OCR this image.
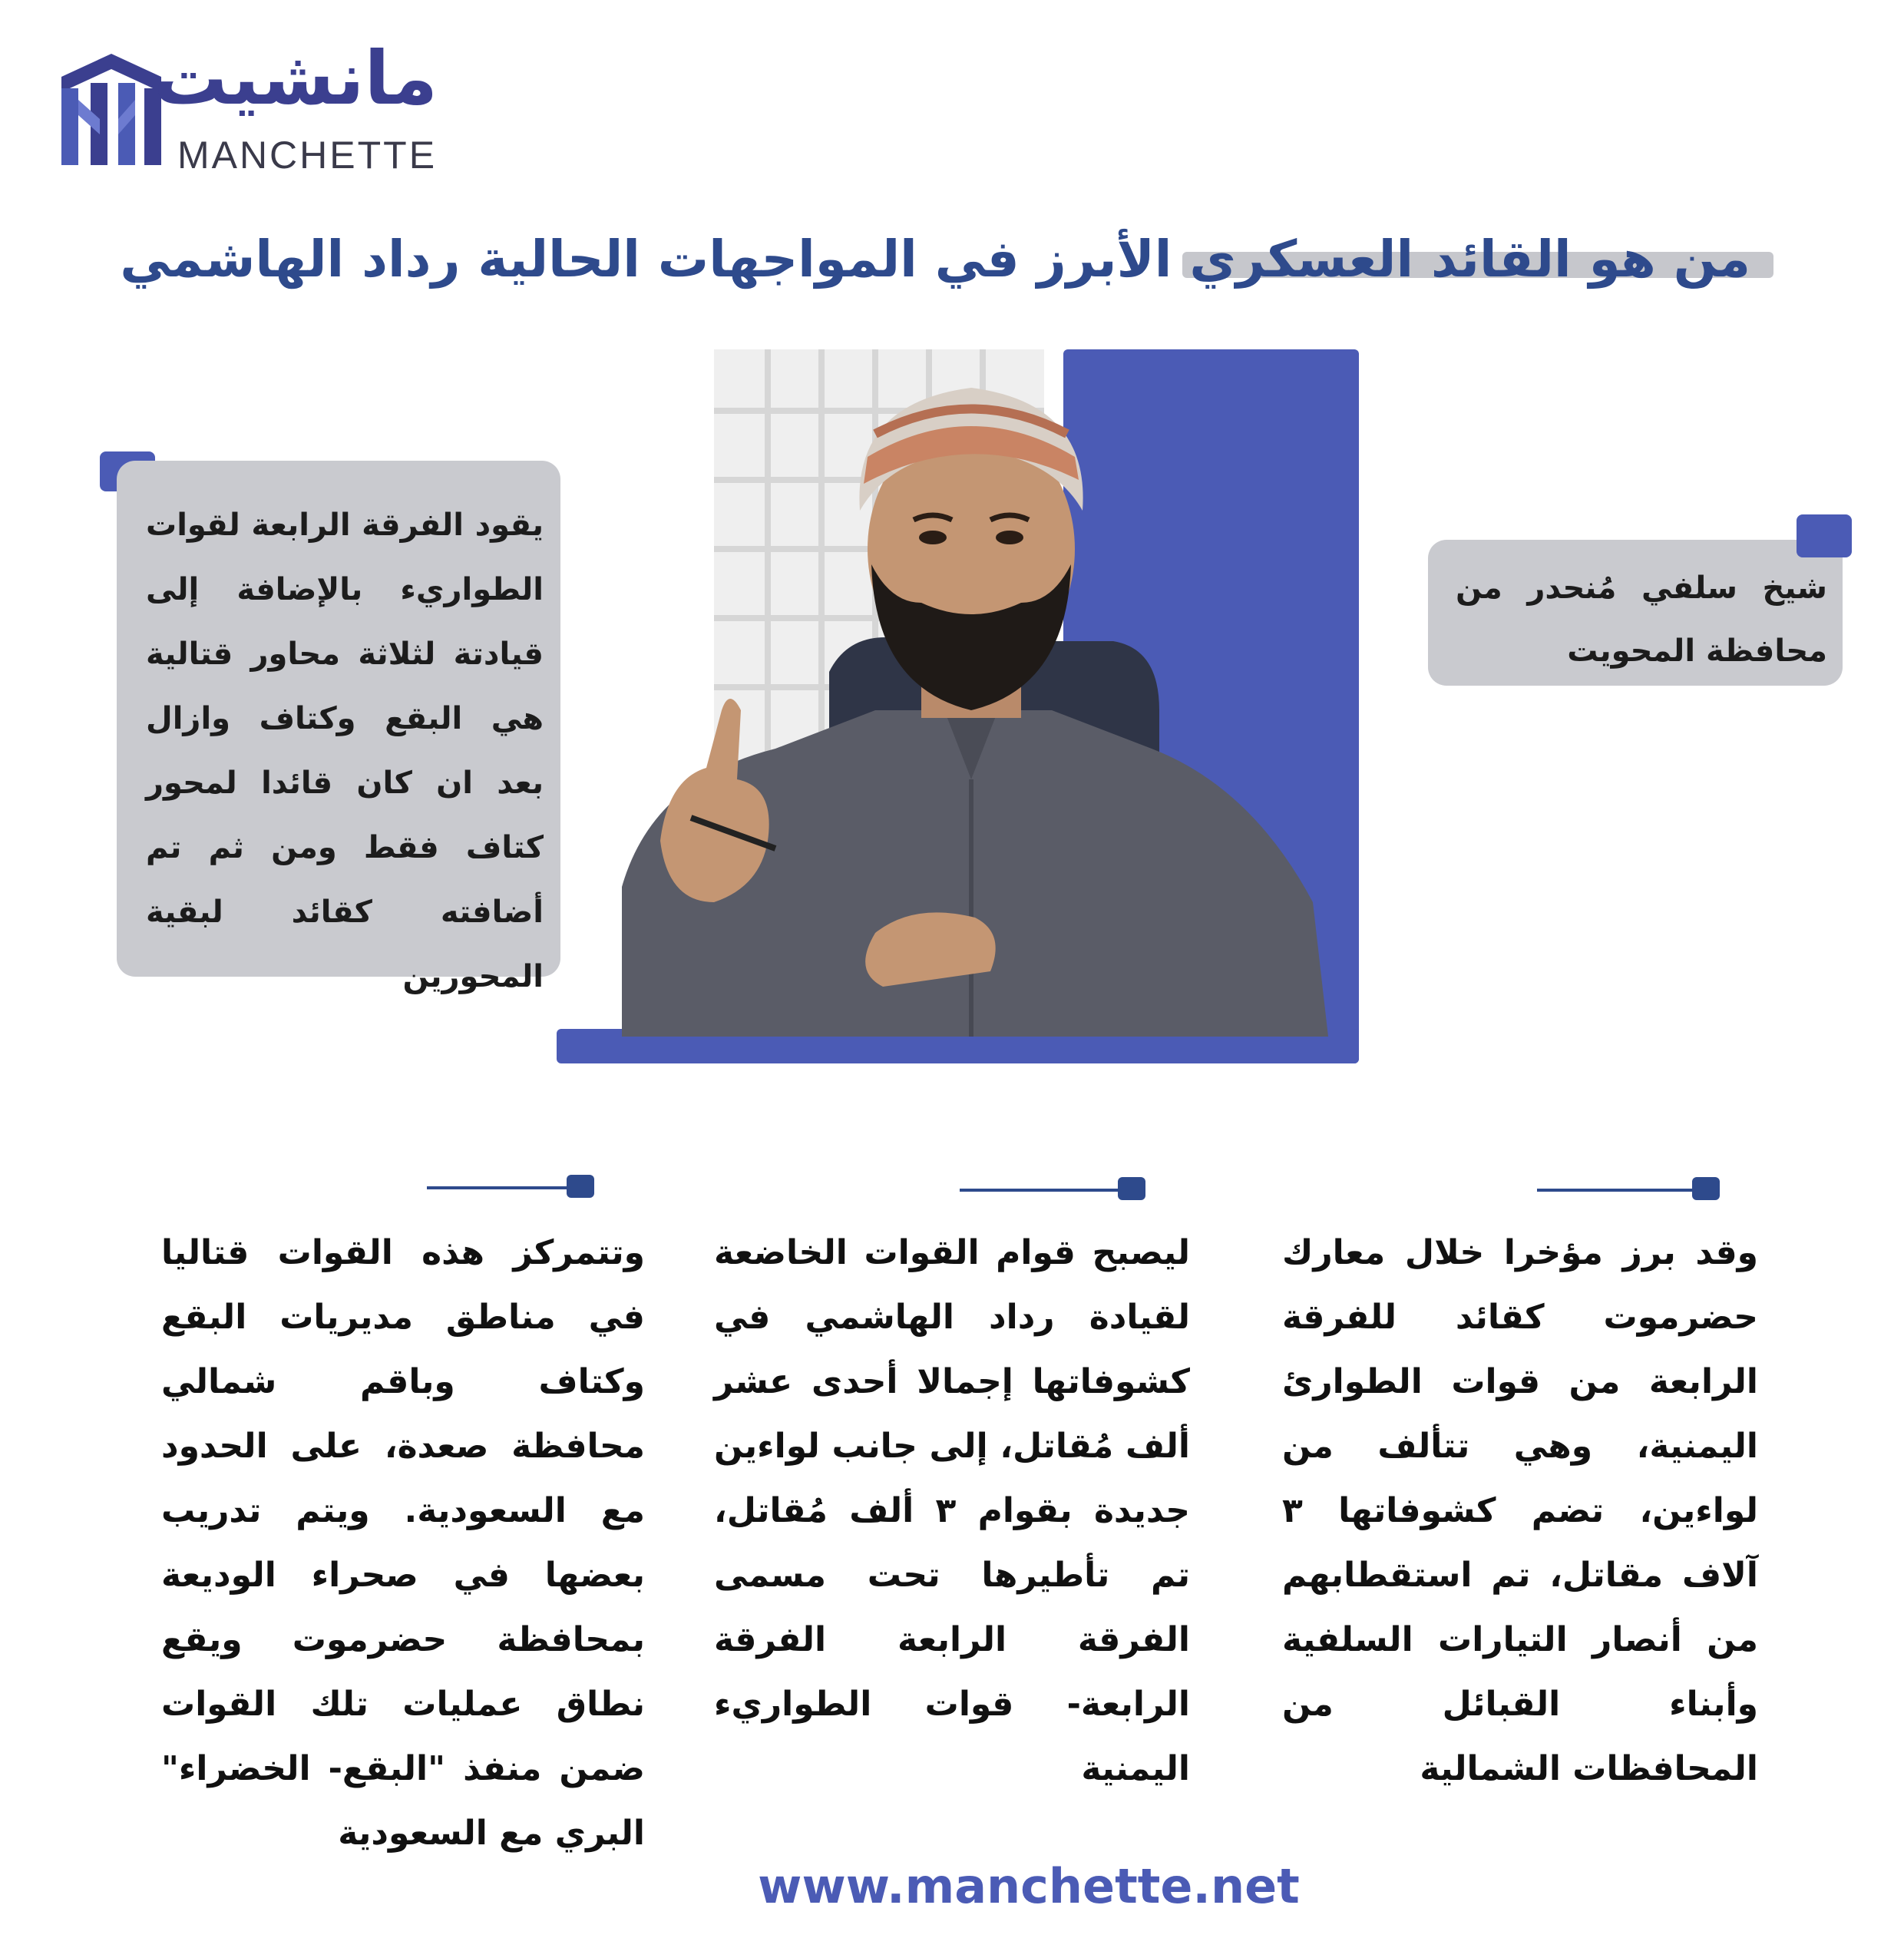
مانشيت
MANCHETTE
من هو القائد العسكري الأبرز في المواجهات الحالية رداد الهاشمي
يقود الفرقة الرابعة لقوات الطواريء بالإضافة إلى قيادتة لثلاثة محاور قتالية هي البقع وكتاف وازال بعد ان كان قائدا لمحور كتاف فقط ومن ثم تم أضافته كقائد لبقية المحورين
شيخ سلفي مُنحدر من محافظة المحويت
وقد برز مؤخرا خلال معارك حضرموت كقائد للفرقة الرابعة من قوات الطوارئ اليمنية، وهي تتألف من لواءين، تضم كشوفاتها ٣ آلاف مقاتل، تم استقطابهم من أنصار التيارات السلفية وأبناء القبائل من المحافظات الشمالية
ليصبح قوام القوات الخاضعة لقيادة رداد الهاشمي في كشوفاتها إجمالا أحدى عشر ألف مُقاتل، إلى جانب لواءين جديدة بقوام ٣ ألف مُقاتل، تم تأطيرها تحت مسمى الفرقة الرابعة الفرقة الرابعة- قوات الطواريء اليمنية
وتتمركز هذه القوات قتاليا في مناطق مديريات البقع وكتاف وباقم شمالي محافظة صعدة، على الحدود مع السعودية. ويتم تدريب بعضها في صحراء الوديعة بمحافظة حضرموت ويقع نطاق عمليات تلك القوات ضمن منفذ "البقع- الخضراء" البري مع السعودية
www.manchette.net
